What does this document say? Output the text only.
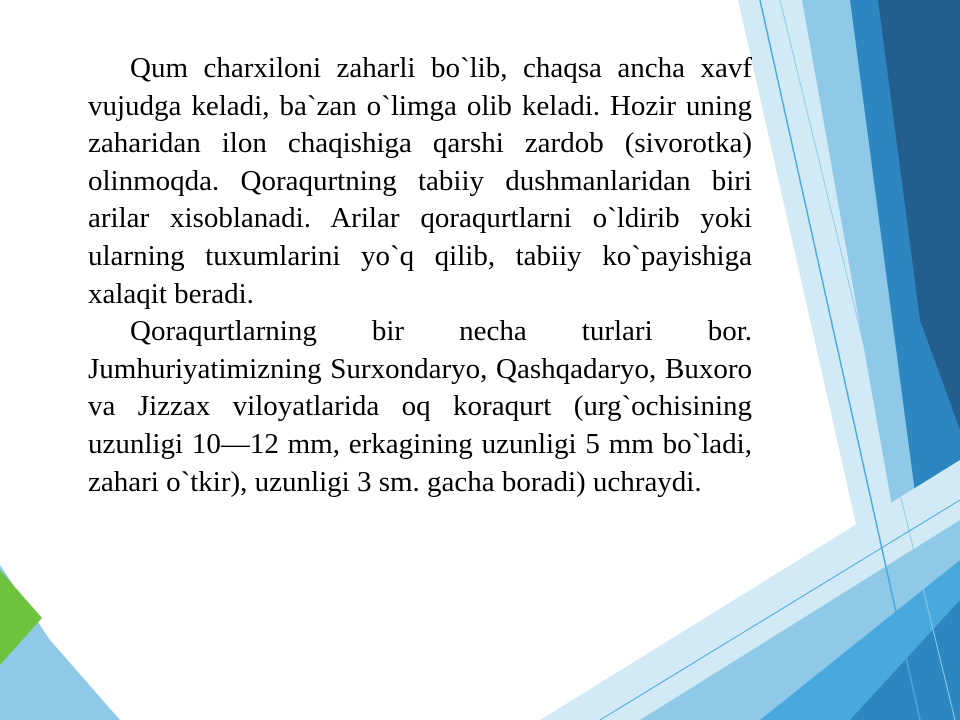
Qum charxiloni zaharli bo`lib, chaqsa ancha xavf vujudga keladi, ba`zan o`limga olib keladi. Hozir uning zaharidan ilon chaqishiga qarshi zardob (sivorotka) olinmoqda. Qoraqurtning tabiiy dushmanlaridan biri arilar xisoblanadi. Arilar qoraqurtlarni o`ldirib yoki ularning tuxumlarini yo`q qilib, tabiiy ko`payishiga xalaqit beradi.

Qoraqurtlarning bir necha turlari bor. Jumhuriyatimizning Surxondaryo, Qashqadaryo, Buxoro va Jizzax viloyatlarida oq koraqurt (urg`ochisining uzunligi 10—12 mm, erkagining uzunligi 5 mm bo`ladi, zahari o`tkir), uzunligi 3 sm. gacha boradi) uchraydi.
